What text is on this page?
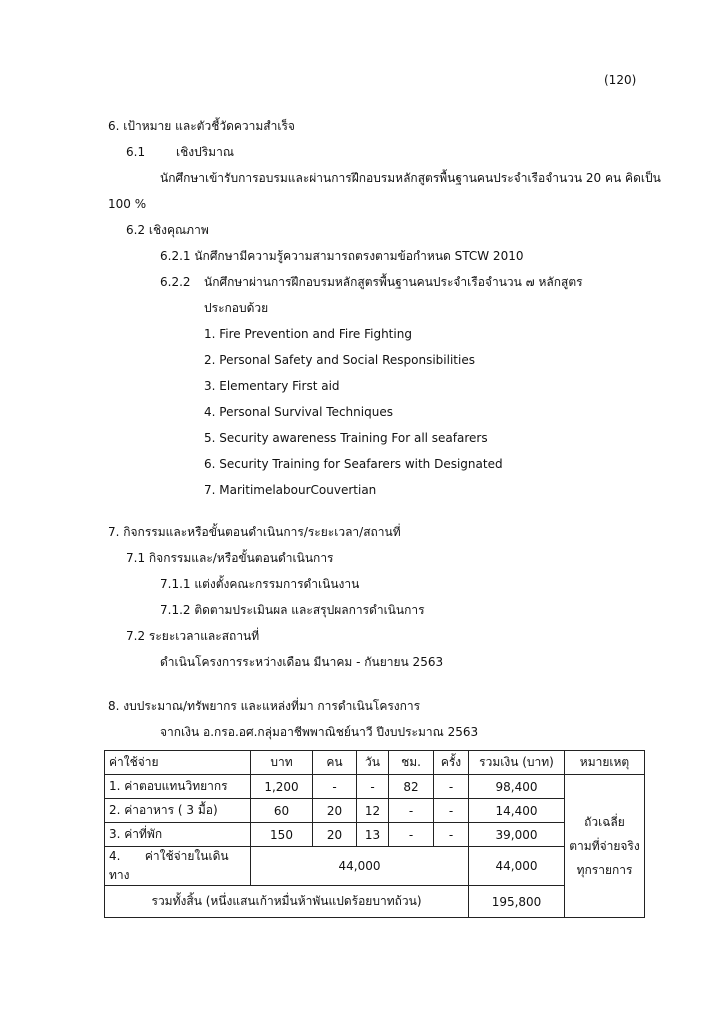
(120)
6. เป้าหมาย และตัวชี้วัดความสำเร็จ
6.1	เชิงปริมาณ
นักศึกษาเข้ารับการอบรมและผ่านการฝึกอบรมหลักสูตรพื้นฐานคนประจำเรือจำนวน 20 คน คิดเป็น
100 %
6.2 เชิงคุณภาพ
6.2.1 นักศึกษามีความรู้ความสามารถตรงตามข้อกำหนด STCW 2010
6.2.2 นักศึกษาผ่านการฝึกอบรมหลักสูตรพื้นฐานคนประจำเรือจำนวน ๗ หลักสูตร
ประกอบด้วย
1. Fire Prevention and Fire Fighting
2. Personal Safety and Social Responsibilities
3. Elementary First aid
4. Personal Survival Techniques
5. Security awareness Training For all seafarers
6. Security Training for Seafarers with Designated
7. MaritimelabourCouvertian
7. กิจกรรมและหรือขั้นตอนดำเนินการ/ระยะเวลา/สถานที่
7.1 กิจกรรมและ/หรือขั้นตอนดำเนินการ
7.1.1 แต่งตั้งคณะกรรมการดำเนินงาน
7.1.2 ติดตามประเมินผล และสรุปผลการดำเนินการ
7.2 ระยะเวลาและสถานที่
ดำเนินโครงการระหว่างเดือน มีนาคม - กันยายน 2563
8. งบประมาณ/ทรัพยากร และแหล่งที่มา การดำเนินโครงการ
จากเงิน อ.กรอ.อศ.กลุ่มอาชีพพาณิชย์นาวี ปีงบประมาณ 2563
ค่าใช้จ่าย	บาท	คน	วัน	ชม.	ครั้ง	รวมเงิน (บาท)	หมายเหตุ
1. ค่าตอบแทนวิทยากร	1,200	-	-	82	-	98,400	ถัวเฉลี่ย
ตามที่จ่ายจริง
ทุกรายการ

2. ค่าอาหาร ( 3 มื้อ)	60	20	12	-	-	14,400	
3. ค่าที่พัก	150	20	13	-	-	39,000	
4. ค่าใช้จ่ายในเดินทาง	44,000					44,000	
รวมทั้งสิ้น (หนึ่งแสนเก้าหมื่นห้าพันแปดร้อยบาทถ้วน)						195,800	
